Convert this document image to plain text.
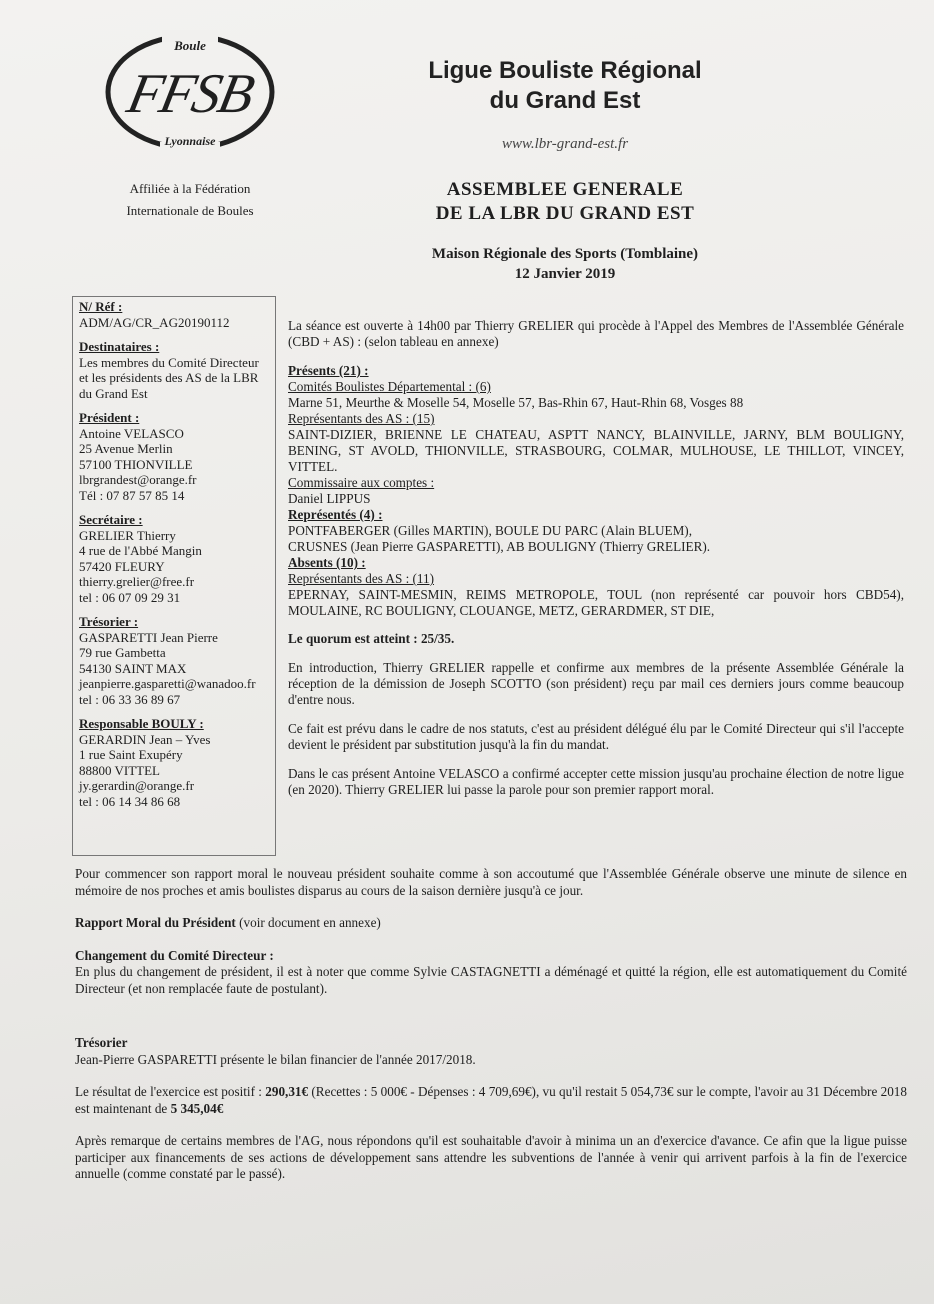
Affiliée à la Fédération
Internationale de Boules
Ligue Bouliste Régional
du Grand Est
www.lbr-grand-est.fr
ASSEMBLEE GENERALE
DE LA LBR DU GRAND EST
Maison Régionale des Sports (Tomblaine)
12 Janvier 2019
N/ Réf :
ADM/AG/CR_AG20190112
Destinataires :
Les membres du Comité Directeur et les présidents des AS de la LBR du Grand Est
Président :
Antoine VELASCO
25 Avenue Merlin
57100 THIONVILLE
lbrgrandest@orange.fr
Tél : 07 87 57 85 14
Secrétaire :
GRELIER Thierry
4 rue de l'Abbé Mangin
57420 FLEURY
thierry.grelier@free.fr
tel : 06 07 09 29 31
Trésorier :
GASPARETTI Jean Pierre
79 rue Gambetta
54130 SAINT MAX
jeanpierre.gasparetti@wanadoo.fr
tel : 06 33 36 89 67
Responsable BOULY :
GERARDIN Jean – Yves
1 rue Saint Exupéry
88800 VITTEL
jy.gerardin@orange.fr
tel : 06 14 34 86 68

La séance est ouverte à 14h00 par Thierry GRELIER qui procède à l'Appel des Membres de l'Assemblée Générale (CBD + AS) : (selon tableau en annexe)

Présents (21) :
Comités Boulistes Départemental : (6)
Marne 51, Meurthe & Moselle 54, Moselle 57, Bas-Rhin 67, Haut-Rhin 68, Vosges 88
Représentants des AS : (15)
SAINT-DIZIER, BRIENNE LE CHATEAU, ASPTT NANCY, BLAINVILLE, JARNY, BLM BOULIGNY, BENING, ST AVOLD, THIONVILLE, STRASBOURG, COLMAR, MULHOUSE, LE THILLOT, VINCEY, VITTEL.
Commissaire aux comptes :
Daniel LIPPUS
Représentés (4) :
PONTFABERGER (Gilles MARTIN), BOULE DU PARC (Alain BLUEM),
CRUSNES (Jean Pierre GASPARETTI), AB BOULIGNY (Thierry GRELIER).
Absents (10) :
Représentants des AS : (11)
EPERNAY, SAINT-MESMIN, REIMS METROPOLE, TOUL (non représenté car pouvoir hors CBD54), MOULAINE, RC BOULIGNY, CLOUANGE, METZ, GERARDMER, ST DIE,

Le quorum est atteint : 25/35.

En introduction, Thierry GRELIER rappelle et confirme aux membres de la présente Assemblée Générale la réception de la démission de Joseph SCOTTO (son président) reçu par mail ces derniers jours comme beaucoup d'entre nous.

Ce fait est prévu dans le cadre de nos statuts, c'est au président délégué élu par le Comité Directeur qui s'il l'accepte devient le président par substitution jusqu'à la fin du mandat.

Dans le cas présent Antoine VELASCO a confirmé accepter cette mission jusqu'au prochaine élection de notre ligue (en 2020). Thierry GRELIER lui passe la parole pour son premier rapport moral.

Pour commencer son rapport moral le nouveau président souhaite comme à son accoutumé que l'Assemblée Générale observe une minute de silence en mémoire de nos proches et amis boulistes disparus au cours de la saison dernière jusqu'à ce jour.

Rapport Moral du Président (voir document en annexe)

Changement du Comité Directeur :
En plus du changement de président, il est à noter que comme Sylvie CASTAGNETTI a déménagé et quitté la région, elle est automatiquement du Comité Directeur (et non remplacée faute de postulant).

Trésorier
Jean-Pierre GASPARETTI présente le bilan financier de l'année 2017/2018.

Le résultat de l'exercice est positif : 290,31€ (Recettes : 5 000€ - Dépenses : 4 709,69€), vu qu'il restait 5 054,73€ sur le compte, l'avoir au 31 Décembre 2018 est maintenant de 5 345,04€

Après remarque de certains membres de l'AG, nous répondons qu'il est souhaitable d'avoir à minima un an d'exercice d'avance. Ce afin que la ligue puisse participer aux financements de ses actions de développement sans attendre les subventions de l'année à venir qui arrivent parfois à la fin de l'exercice annuelle (comme constaté par le passé).

Boule
FFSB
Lyonnaise
